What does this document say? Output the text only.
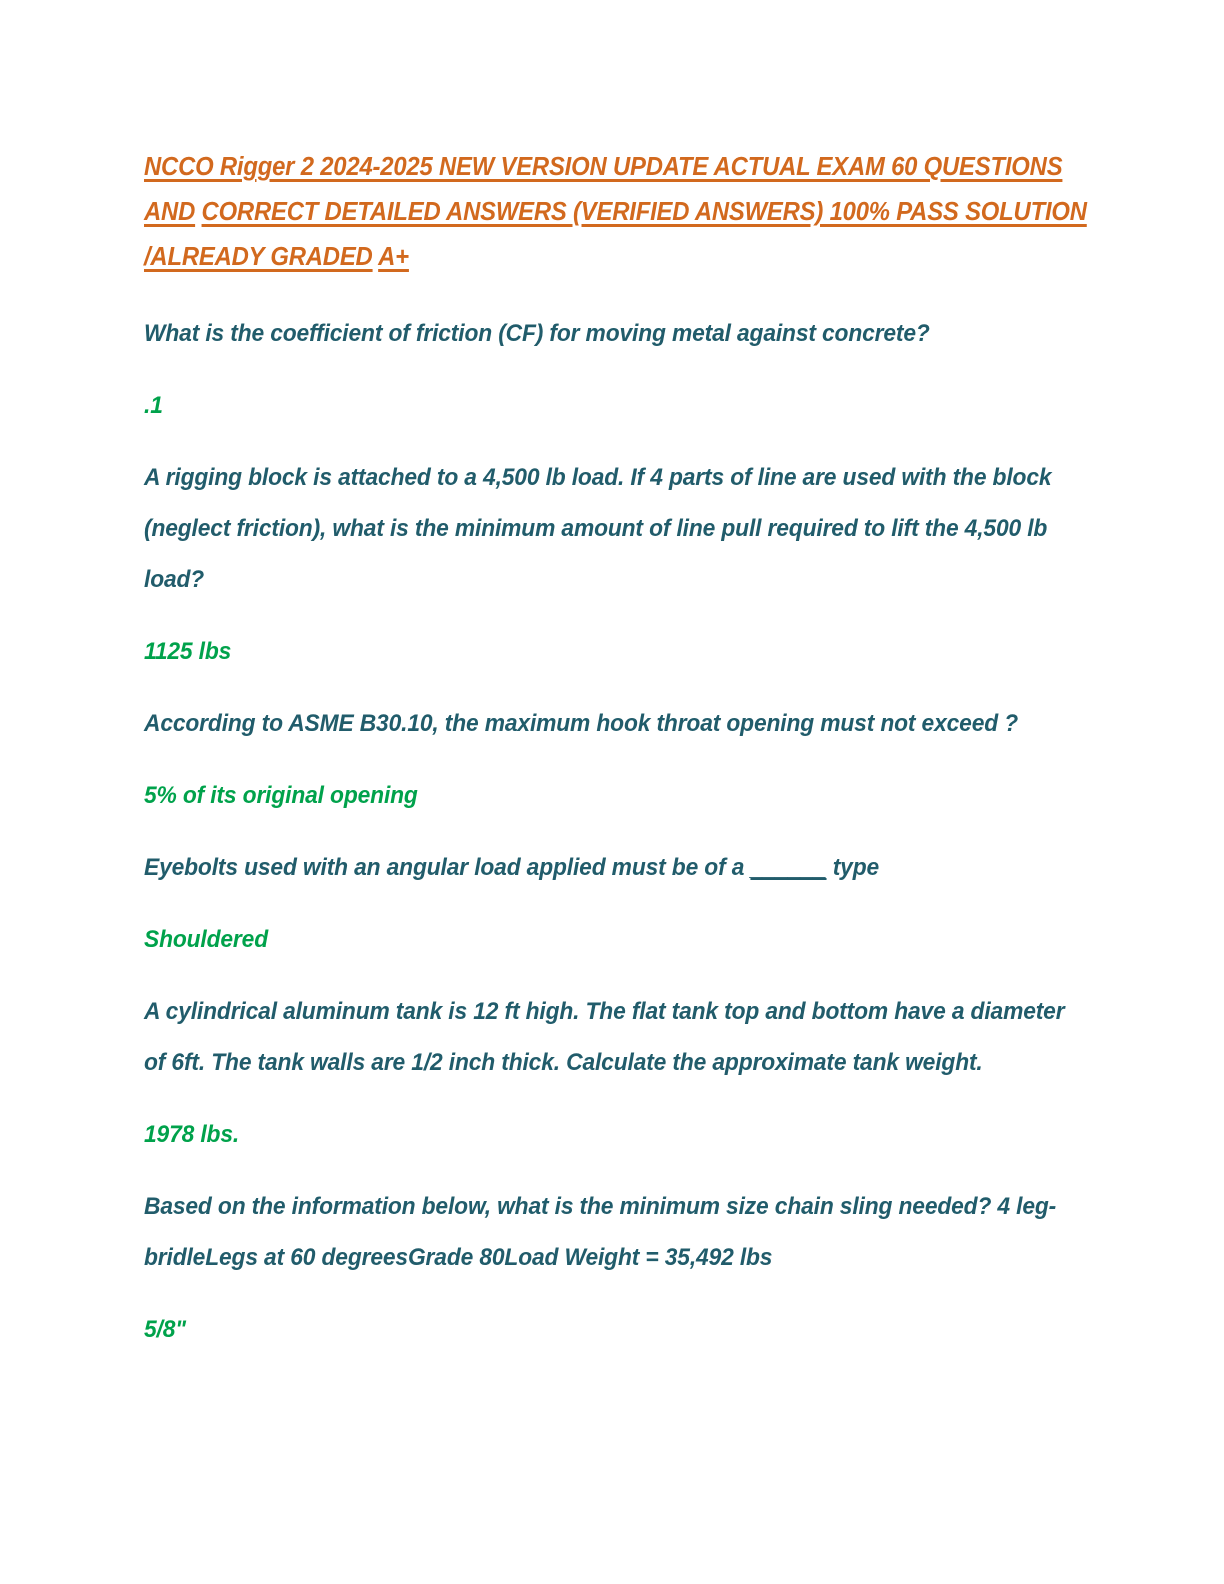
NCCO Rigger 2 2024-2025 NEW VERSION UPDATE ACTUAL EXAM 60 QUESTIONS AND CORRECT DETAILED ANSWERS (VERIFIED ANSWERS) 100% PASS SOLUTION /ALREADY GRADED A+

What is the coefficient of friction (CF) for moving metal against concrete?

.1

A rigging block is attached to a 4,500 lb load. If 4 parts of line are used with the block (neglect friction), what is the minimum amount of line pull required to lift the 4,500 lb load?

1125 lbs

According to ASME B30.10, the maximum hook throat opening must not exceed ?

5% of its original opening

Eyebolts used with an angular load applied must be of a ______ type

Shouldered

A cylindrical aluminum tank is 12 ft high. The flat tank top and bottom have a diameter of 6ft. The tank walls are 1/2 inch thick. Calculate the approximate tank weight.

1978 lbs.

Based on the information below, what is the minimum size chain sling needed? 4 leg-bridleLegs at 60 degreesGrade 80Load Weight = 35,492 lbs

5/8"
